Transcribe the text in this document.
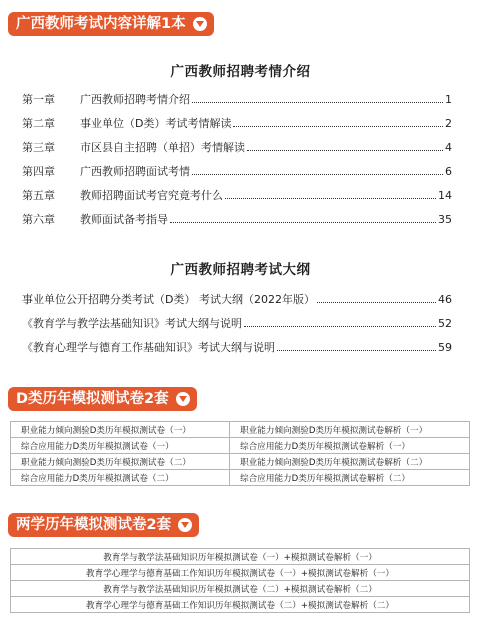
广西教师考试内容详解1本
广西教师招聘考情介绍
第一章	广西教师招聘考情介绍	1
第二章	事业单位（D类）考试考情解读	2
第三章	市区县自主招聘（单招）考情解读	4
第四章	广西教师招聘面试考情	6
第五章	教师招聘面试考官究竟考什么	14
第六章	教师面试备考指导	35
广西教师招聘考试大纲
事业单位公开招聘分类考试（D类） 考试大纲（2022年版）	46
《教育学与教学法基础知识》考试大纲与说明	52
《教育心理学与德育工作基础知识》考试大纲与说明	59
D类历年模拟测试卷2套
职业能力倾向测验D类历年模拟测试卷（一）	职业能力倾向测验D类历年模拟测试卷解析（一）
综合应用能力D类历年模拟测试卷（一）	综合应用能力D类历年模拟测试卷解析（一）
职业能力倾向测验D类历年模拟测试卷（二）	职业能力倾向测验D类历年模拟测试卷解析（二）
综合应用能力D类历年模拟测试卷（二）	综合应用能力D类历年模拟测试卷解析（二）
两学历年模拟测试卷2套
教育学与教学法基础知识历年模拟测试卷（一）+模拟测试卷解析（一）
教育学心理学与德育基础工作知识历年模拟测试卷（一）+模拟测试卷解析（一）
教育学与教学法基础知识历年模拟测试卷（二）+模拟测试卷解析（二）
教育学心理学与德育基础工作知识历年模拟测试卷（二）+模拟测试卷解析（二）
